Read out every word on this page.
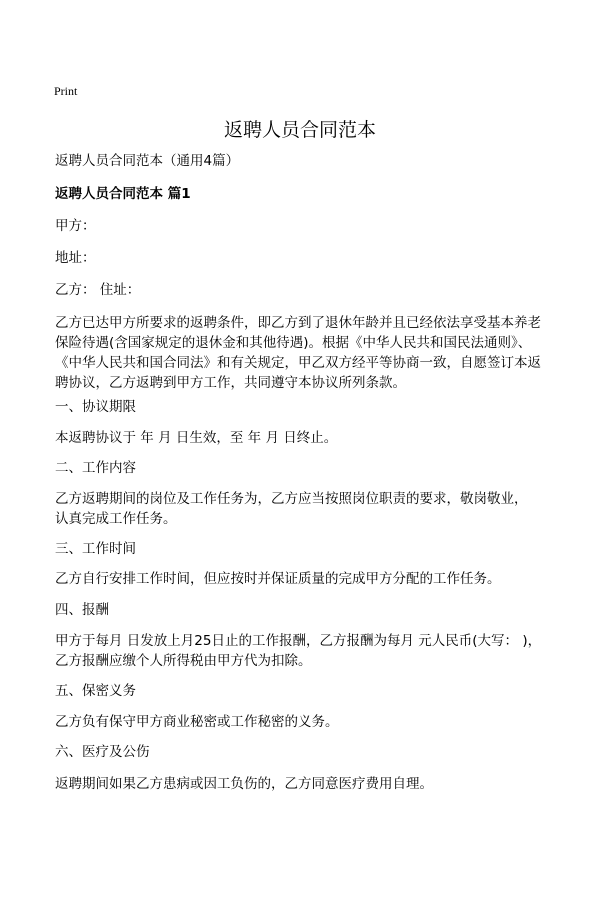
Print
返聘人员合同范本
返聘人员合同范本（通用4篇）
返聘人员合同范本 篇1
甲方：
地址：
乙方： 住址：
乙方已达甲方所要求的返聘条件，即乙方到了退休年龄并且已经依法享受基本养老
保险待遇(含国家规定的退休金和其他待遇)。根据《中华人民共和国民法通则》、
《中华人民共和国合同法》和有关规定，甲乙双方经平等协商一致，自愿签订本返
聘协议，乙方返聘到甲方工作，共同遵守本协议所列条款。
一、协议期限
本返聘协议于 年 月 日生效，至 年 月 日终止。
二、工作内容
乙方返聘期间的岗位及工作任务为，乙方应当按照岗位职责的要求，敬岗敬业，
认真完成工作任务。
三、工作时间
乙方自行安排工作时间，但应按时并保证质量的完成甲方分配的工作任务。
四、报酬
甲方于每月 日发放上月25日止的工作报酬，乙方报酬为每月 元人民币(大写： )，
乙方报酬应缴个人所得税由甲方代为扣除。
五、保密义务
乙方负有保守甲方商业秘密或工作秘密的义务。
六、医疗及公伤
返聘期间如果乙方患病或因工负伤的，乙方同意医疗费用自理。
